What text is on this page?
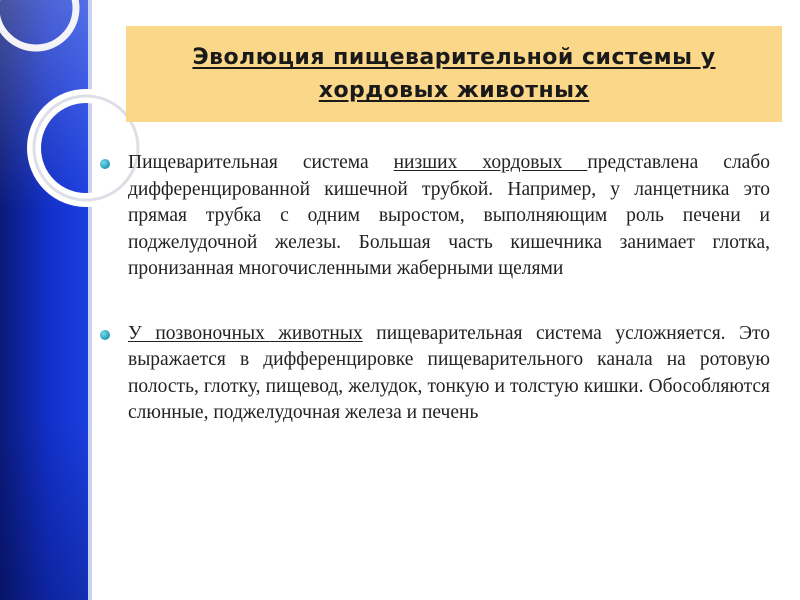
Эволюция пищеварительной системы у хордовых животных

Пищеварительная система низших хордовых представлена слабо дифференцированной кишечной трубкой. Например, у ланцетника это прямая трубка с одним выростом, выполняющим роль печени и поджелудочной железы. Большая часть кишечника занимает глотка, пронизанная многочисленными жаберными щелями

У позвоночных животных пищеварительная система усложняется. Это выражается в дифференцировке пищеварительного канала на ротовую полость, глотку, пищевод, желудок, тонкую и толстую кишки. Обособляются слюнные, поджелудочная железа и печень
